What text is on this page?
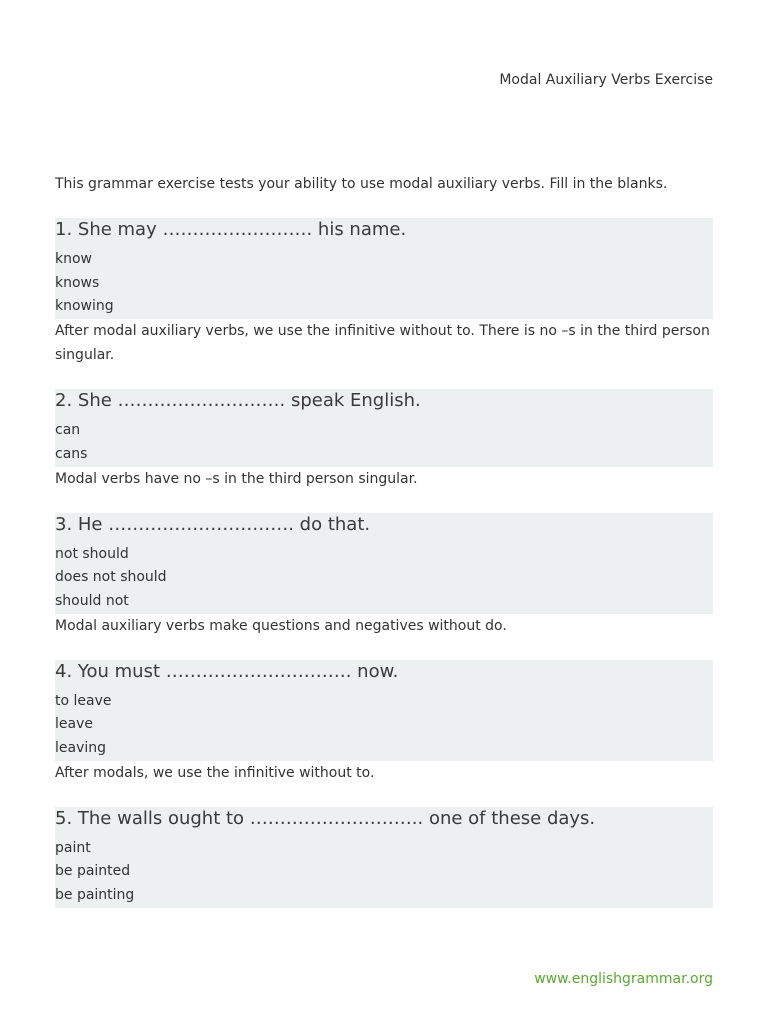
Modal Auxiliary Verbs Exercise
This grammar exercise tests your ability to use modal auxiliary verbs. Fill in the blanks.
1. She may ……………………. his name.
know
knows
knowing
After modal auxiliary verbs, we use the infinitive without to. There is no –s in the third person singular.
2. She ………………………. speak English.
can
cans
Modal verbs have no –s in the third person singular.
3. He …………………………. do that.
not should
does not should
should not
Modal auxiliary verbs make questions and negatives without do.
4. You must …………………………. now.
to leave
leave
leaving
After modals, we use the infinitive without to.
5. The walls ought to ……………………….. one of these days.
paint
be painted
be painting
www.englishgrammar.org
